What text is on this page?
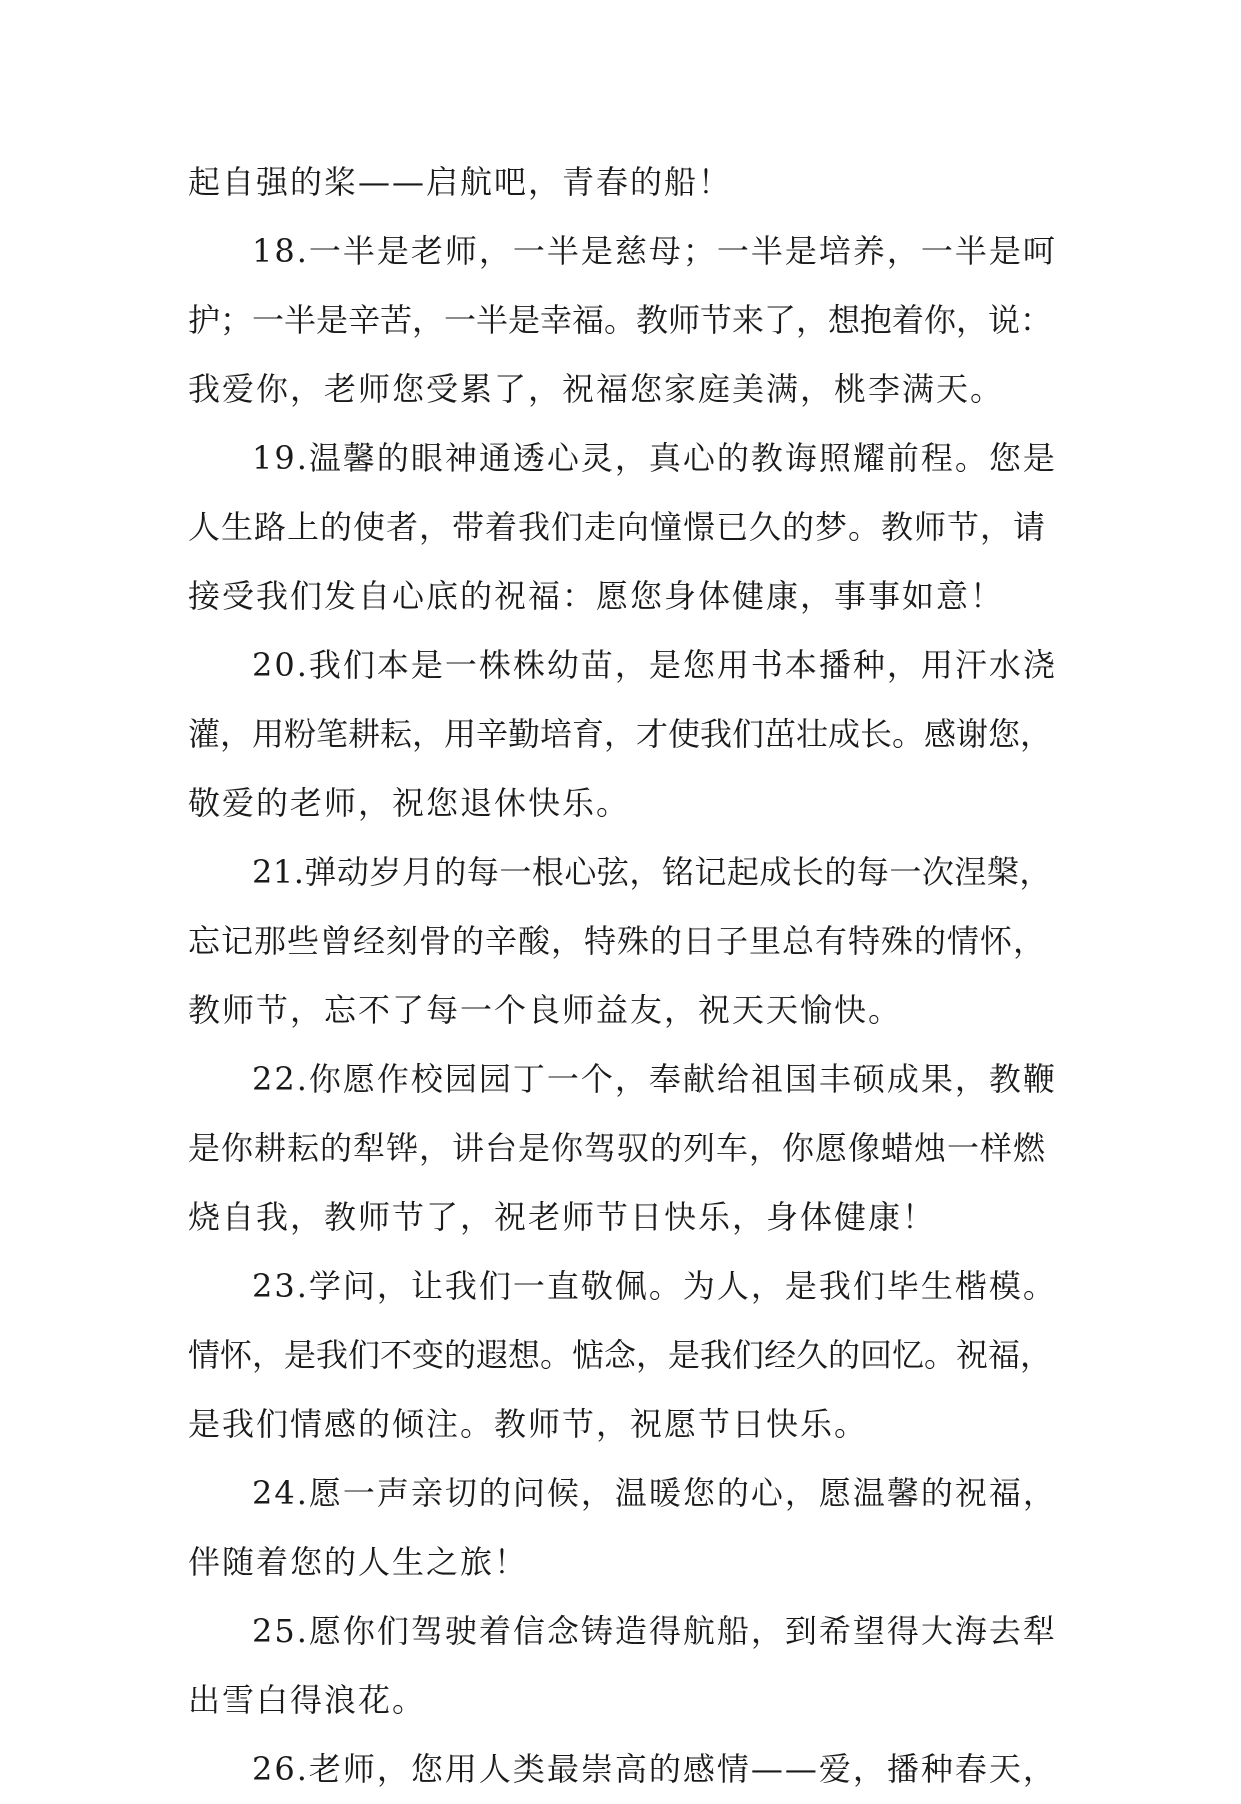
起自强的桨——启航吧，青春的船！
18.一半是老师，一半是慈母；一半是培养，一半是呵
护；一半是辛苦，一半是幸福。教师节来了，想抱着你，说：
我爱你，老师您受累了，祝福您家庭美满，桃李满天。
19.温馨的眼神通透心灵，真心的教诲照耀前程。您是
人生路上的使者，带着我们走向憧憬已久的梦。教师节，请
接受我们发自心底的祝福：愿您身体健康，事事如意！
20.我们本是一株株幼苗，是您用书本播种，用汗水浇
灌，用粉笔耕耘，用辛勤培育，才使我们茁壮成长。感谢您，
敬爱的老师，祝您退休快乐。
21.弹动岁月的每一根心弦，铭记起成长的每一次涅槃，
忘记那些曾经刻骨的辛酸，特殊的日子里总有特殊的情怀，
教师节，忘不了每一个良师益友，祝天天愉快。
22.你愿作校园园丁一个，奉献给祖国丰硕成果，教鞭
是你耕耘的犁铧，讲台是你驾驭的列车，你愿像蜡烛一样燃
烧自我，教师节了，祝老师节日快乐，身体健康！
23.学问，让我们一直敬佩。为人，是我们毕生楷模。
情怀，是我们不变的遐想。惦念，是我们经久的回忆。祝福，
是我们情感的倾注。教师节，祝愿节日快乐。
24.愿一声亲切的问候，温暖您的心，愿温馨的祝福，
伴随着您的人生之旅！
25.愿你们驾驶着信念铸造得航船，到希望得大海去犁
出雪白得浪花。
26.老师，您用人类最崇高的感情——爱，播种春天，
